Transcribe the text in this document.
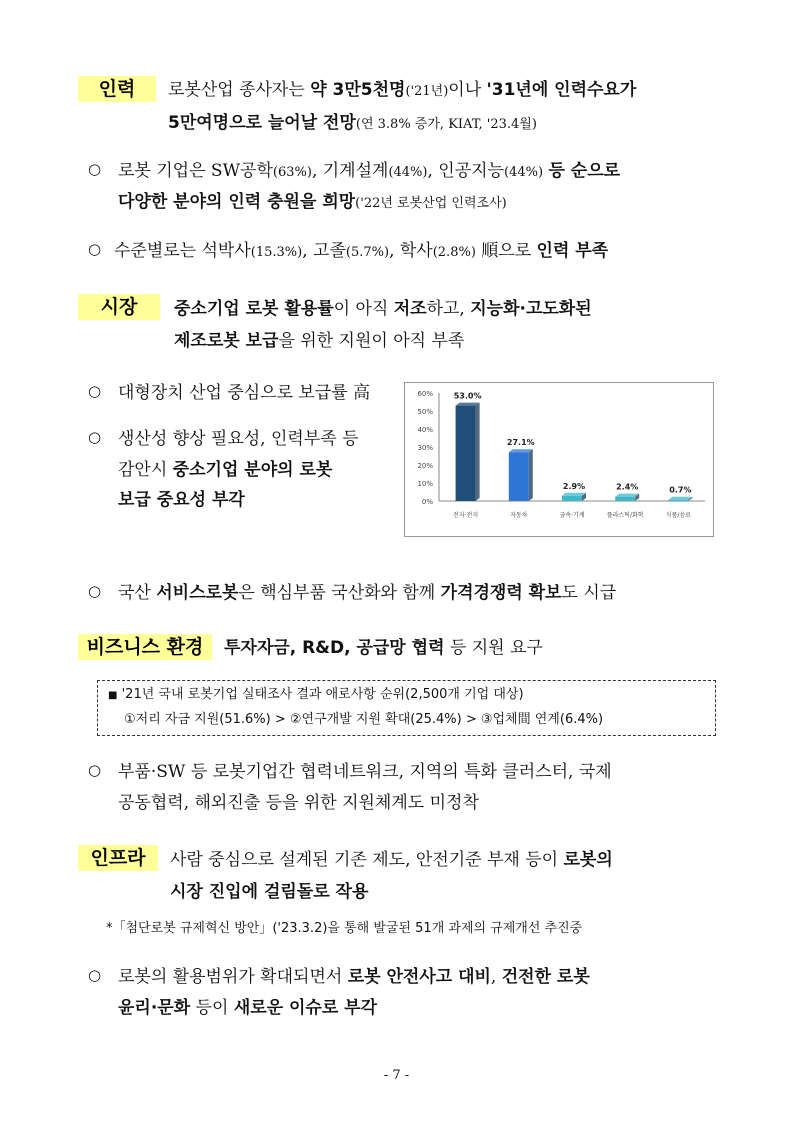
인력	로봇산업 종사자는 약 3만5천명('21년)이나 '31년에 인력수요가
5만여명으로 늘어날 전망(연 3.8% 증가, KIAT, '23.4월)
○ 로봇 기업은 SW공학(63%), 기계설계(44%), 인공지능(44%) 등 순으로
다양한 분야의 인력 충원을 희망('22년 로봇산업 인력조사)
○ 수준별로는 석박사(15.3%), 고졸(5.7%), 학사(2.8%) 順으로 인력 부족
시장	중소기업 로봇 활용률이 아직 저조하고, 지능화·고도화된
제조로봇 보급을 위한 지원이 아직 부족
○ 대형장치 산업 중심으로 보급률 高
○ 생산성 향상 필요성, 인력부족 등
감안시 중소기업 분야의 로봇
보급 중요성 부각	0%
10%
20%
30%
40%
50%
60%	53.0%
전자·전지
27.1%
자동차
2.9%
금속·기계
2.4%
플라스틱/화학
0.7%
식품/음료
○ 국산 서비스로봇은 핵심부품 국산화와 함께 가격경쟁력 확보도 시급
비즈니스 환경	투자자금, R&D, 공급망 협력 등 지원 요구
■ '21년 국내 로봇기업 실태조사 결과 애로사항 순위(2,500개 기업 대상)
①저리 자금 지원(51.6%) > ②연구개발 지원 확대(25.4%) > ③업체間 연계(6.4%)
○ 부품·SW 등 로봇기업간 협력네트워크, 지역의 특화 클러스터, 국제
공동협력, 해외진출 등을 위한 지원체계도 미정착
인프라	사람 중심으로 설계된 기존 제도, 안전기준 부재 등이 로봇의
시장 진입에 걸림돌로 작용
*「첨단로봇 규제혁신 방안」('23.3.2)을 통해 발굴된 51개 과제의 규제개선 추진중
○ 로봇의 활용범위가 확대되면서 로봇 안전사고 대비, 건전한 로봇
윤리·문화 등이 새로운 이슈로 부각
- 7 -
